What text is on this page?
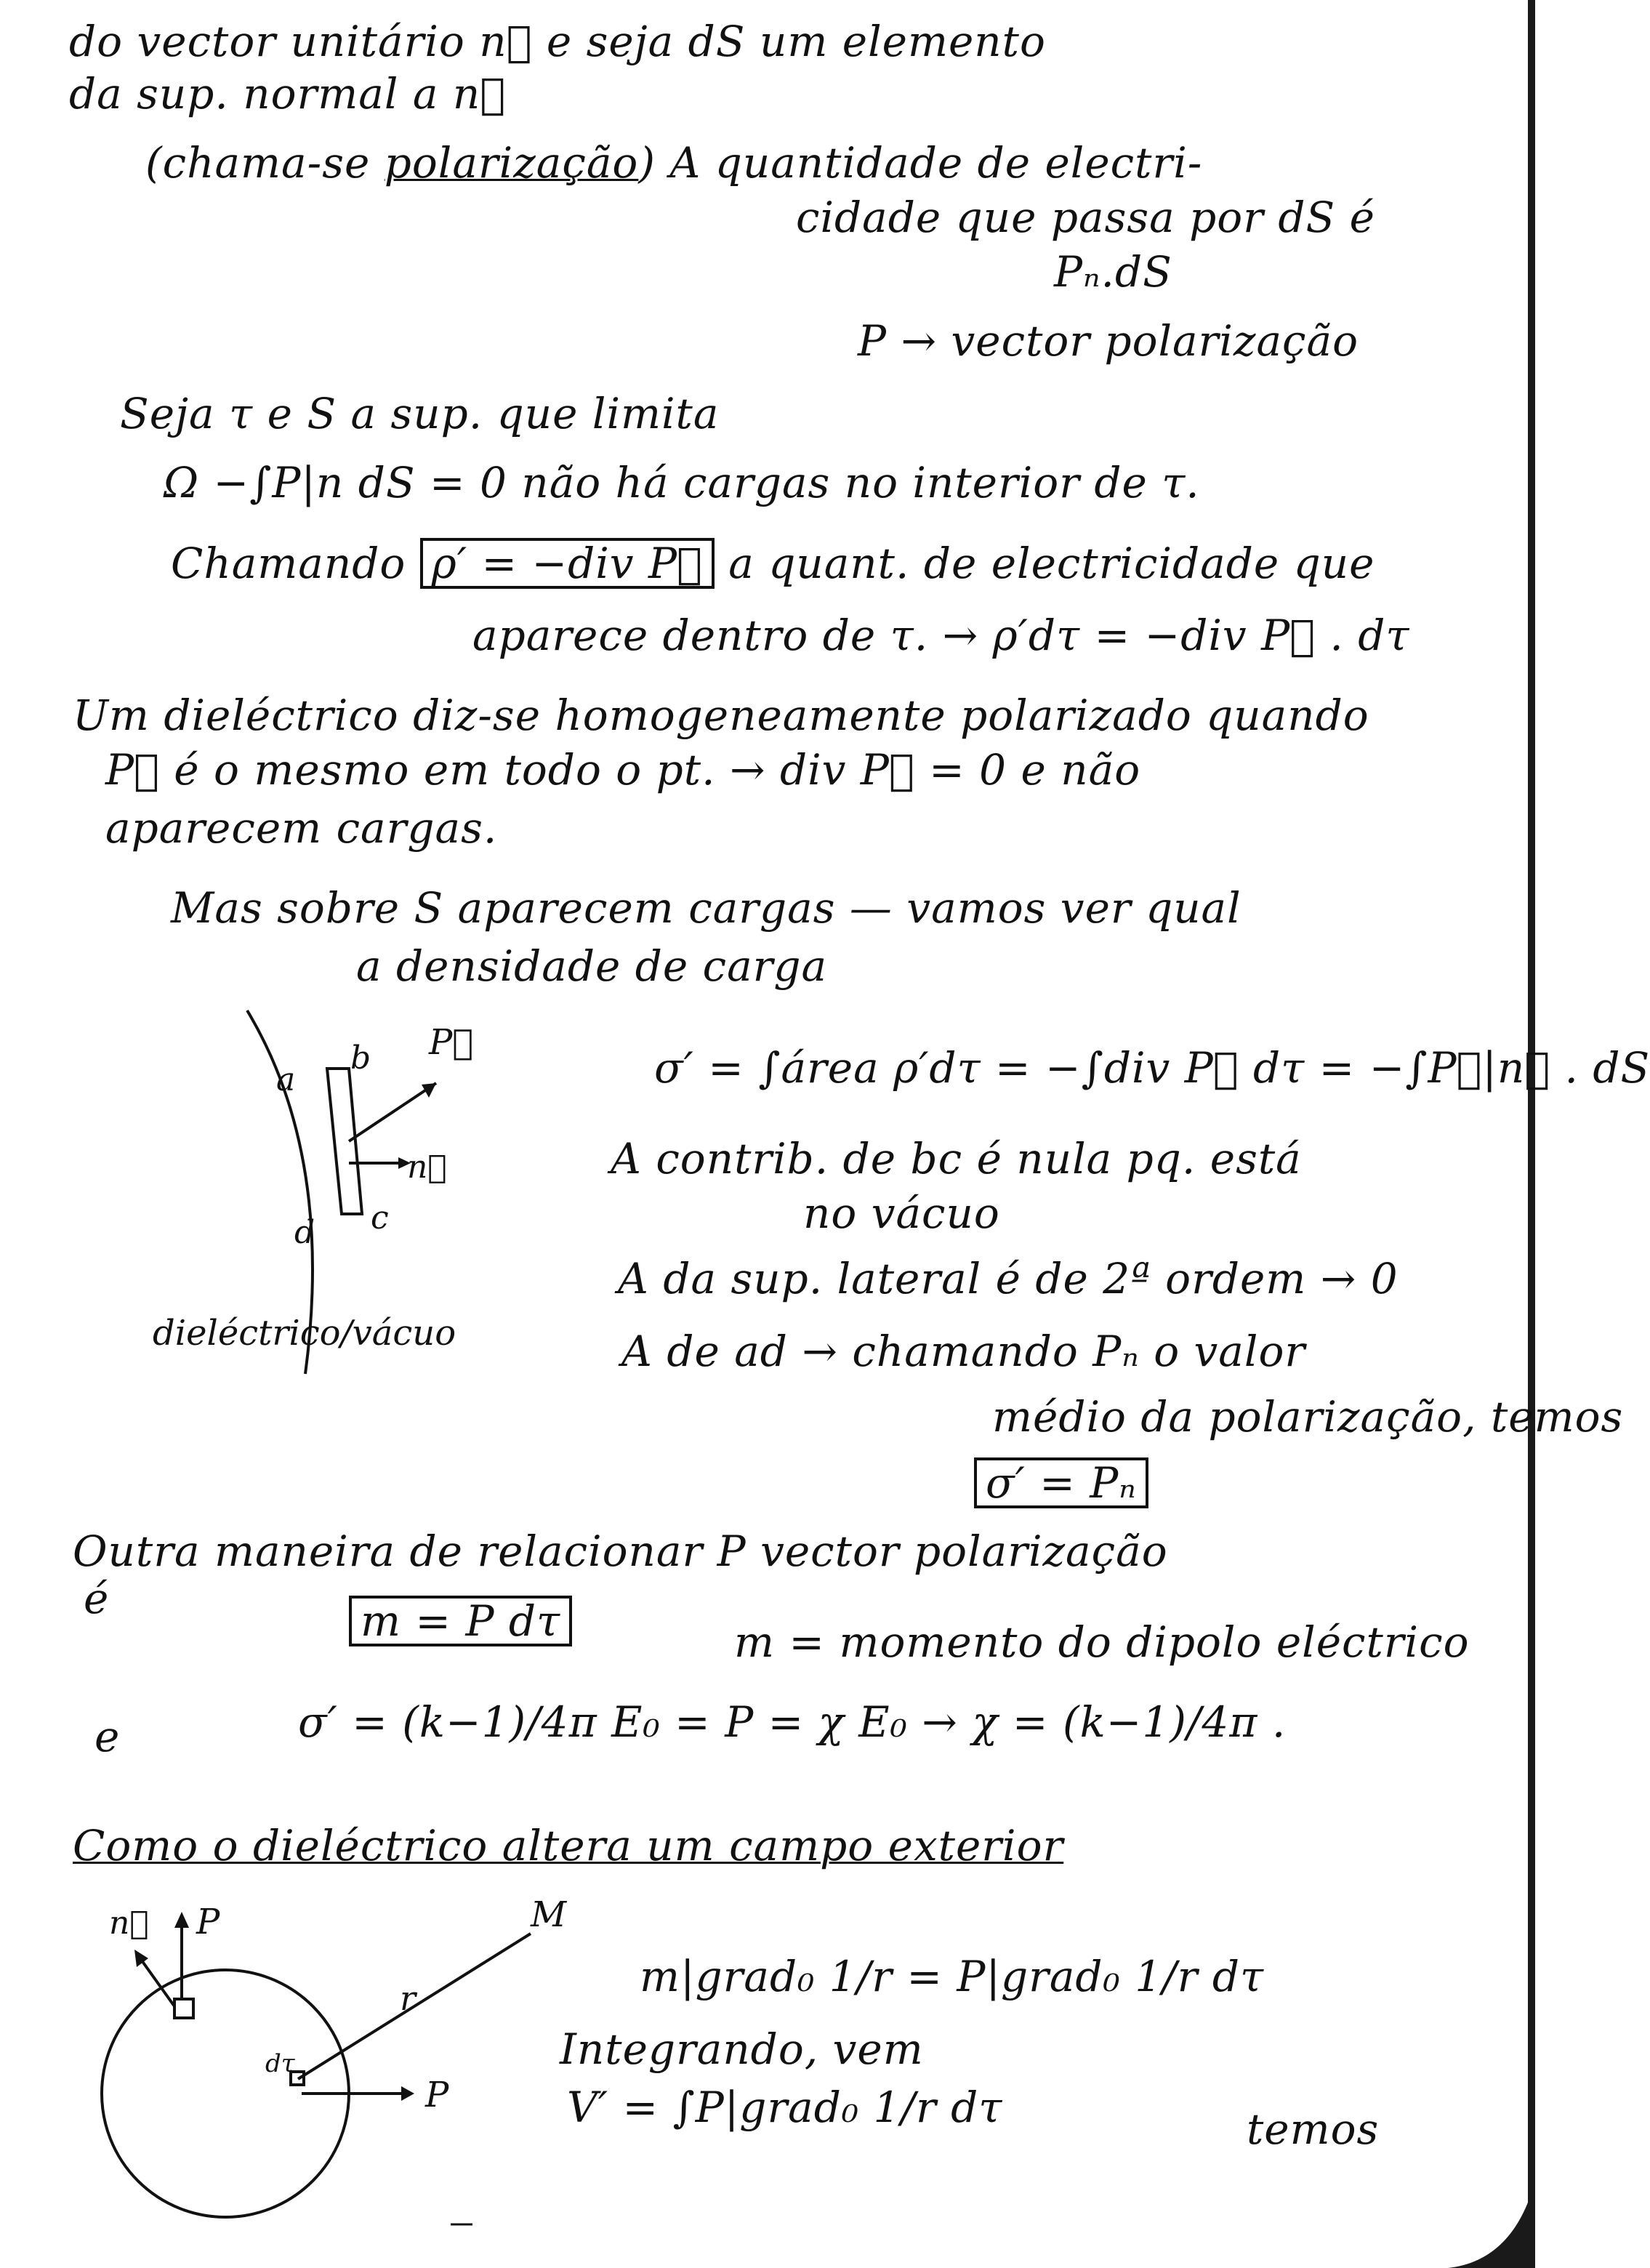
do vector unitário n⃗ e seja dS um elemento
da sup. normal a n⃗
(chama-se polarização) A quantidade de electri-
cidade que passa por dS é
Pₙ.dS
P → vector polarização
Seja τ e S a sup. que limita
Ω −∫P|n dS = 0 não há cargas no interior de τ.
Chamando ρ′ = −div P⃗ a quant. de electricidade que
aparece dentro de τ. → ρ′dτ = −div P⃗ . dτ
Um dieléctrico diz-se homogeneamente polarizado quando
P⃗ é o mesmo em todo o pt. → div P⃗ = 0 e não
aparecem cargas.
Mas sobre S aparecem cargas — vamos ver qual
a densidade de carga
a
b
c
d
P⃗
n⃗
dieléctrico/vácuo
σ′ = ∫área ρ′dτ = −∫div P⃗ dτ = −∫P⃗|n⃗ . dS
A contrib. de bc é nula pq. está
no vácuo
A da sup. lateral é de 2ª ordem → 0
A de ad → chamando Pₙ o valor
médio da polarização, temos
σ′ = Pₙ
Outra maneira de relacionar P vector polarização
é	m = P dτ	m = momento do dipolo eléctrico
e	σ′ = (k−1)/4π E₀ = P = χ E₀ → χ = (k−1)/4π .
Como o dieléctrico altera um campo exterior
n⃗ P	M
r
dτ
P
m|grad₀ 1/r = P|grad₀ 1/r dτ
Integrando, vem
V′ = ∫P|grad₀ 1/r dτ	temos
